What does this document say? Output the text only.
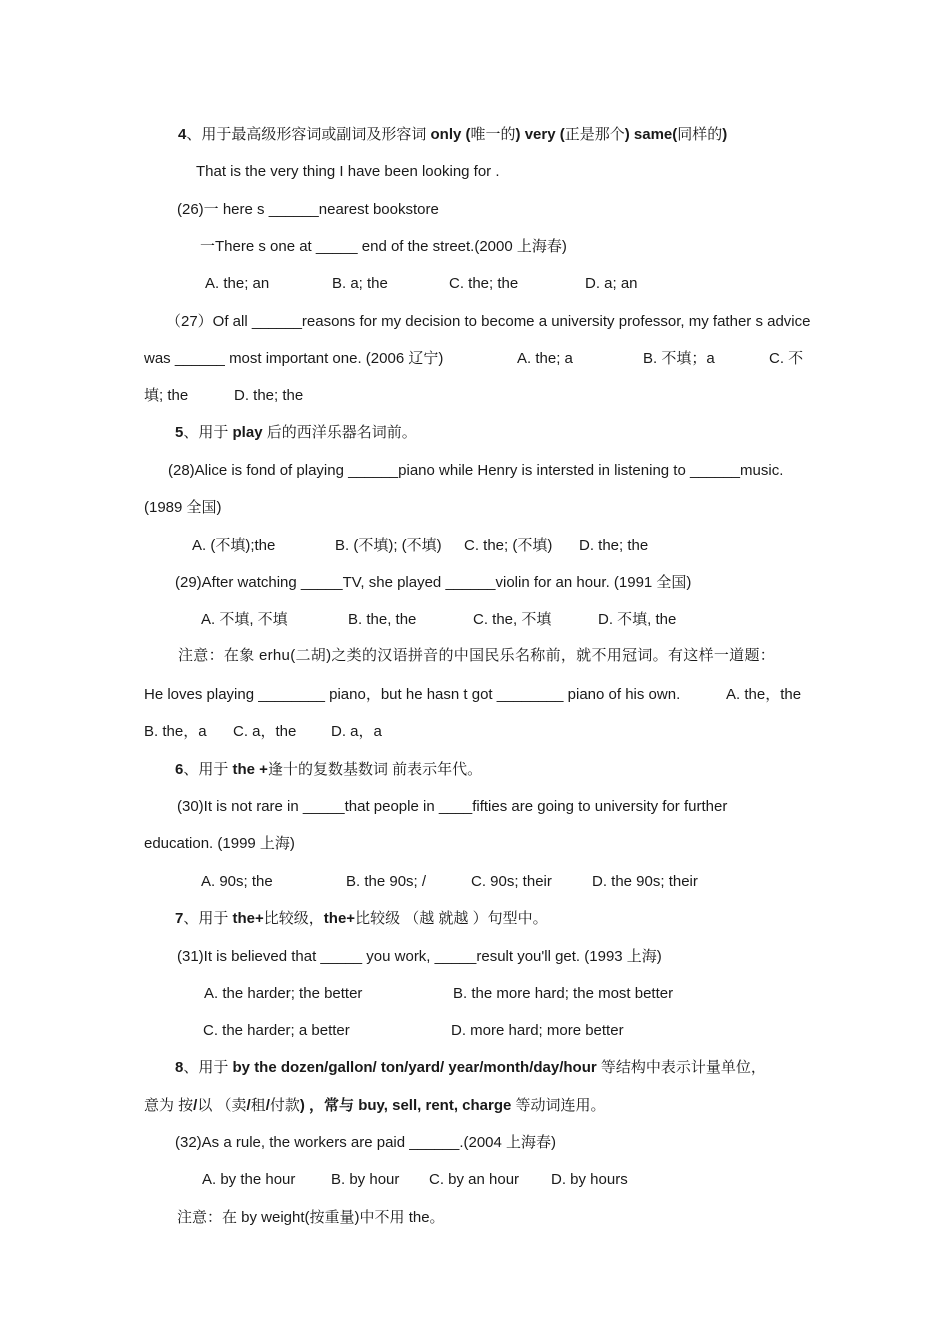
4、用于最高级形容词或副词及形容词 only (唯一的) very (正是那个) same(同样的)
That is the very thing I have been looking for .
(26)一 here s ______nearest bookstore
一There s one at _____ end of the street.(2000 上海春)
A. the; an	B. a; the	C. the; the	D. a; an
（27）Of all ______reasons for my decision to become a university professor, my father s advice
was ______ most important one. (2006 辽宁)	A. the; a	B. 不填；a	C. 不
填; the	D. the; the
5、用于 play 后的西洋乐器名词前。
(28)Alice is fond of playing ______piano while Henry is intersted in listening to ______music.
(1989 全国)
A. (不填);the	B. (不填); (不填) C. the; (不填) D. the; the
(29)After watching _____TV, she played ______violin for an hour. (1991 全国)
A. 不填, 不填	B. the, the	C. the, 不填	D. 不填, the
注意：在象 erhu(二胡)之类的汉语拼音的中国民乐名称前，就不用冠词。有这样一道题：
He loves playing ________ piano，but he hasn t got ________ piano of his own.	A. the，the
B. the，a C. a，the D. a，a
6、用于 the +逢十的复数基数词 前表示年代。
(30)It is not rare in _____that people in ____fifties are going to university for further
education. (1999 上海)
A. 90s; the	B. the 90s; /	C. 90s; their	D. the 90s; their
7、用于 the+比较级，the+比较级 （越 就越 ）句型中。
(31)It is believed that _____ you work, _____result you'll get. (1993 上海)
A. the harder; the better	B. the more hard; the most better
C. the harder; a better	D. more hard; more better
8、用于 by the dozen/gallon/ ton/yard/ year/month/day/hour 等结构中表示计量单位，
意为 按/以 （卖/租/付款) ，常与 buy, sell, rent, charge 等动词连用。
(32)As a rule, the workers are paid ______.(2004 上海春)
A. by the hour B. by hour C. by an hour D. by hours
注意：在 by weight(按重量)中不用 the。
